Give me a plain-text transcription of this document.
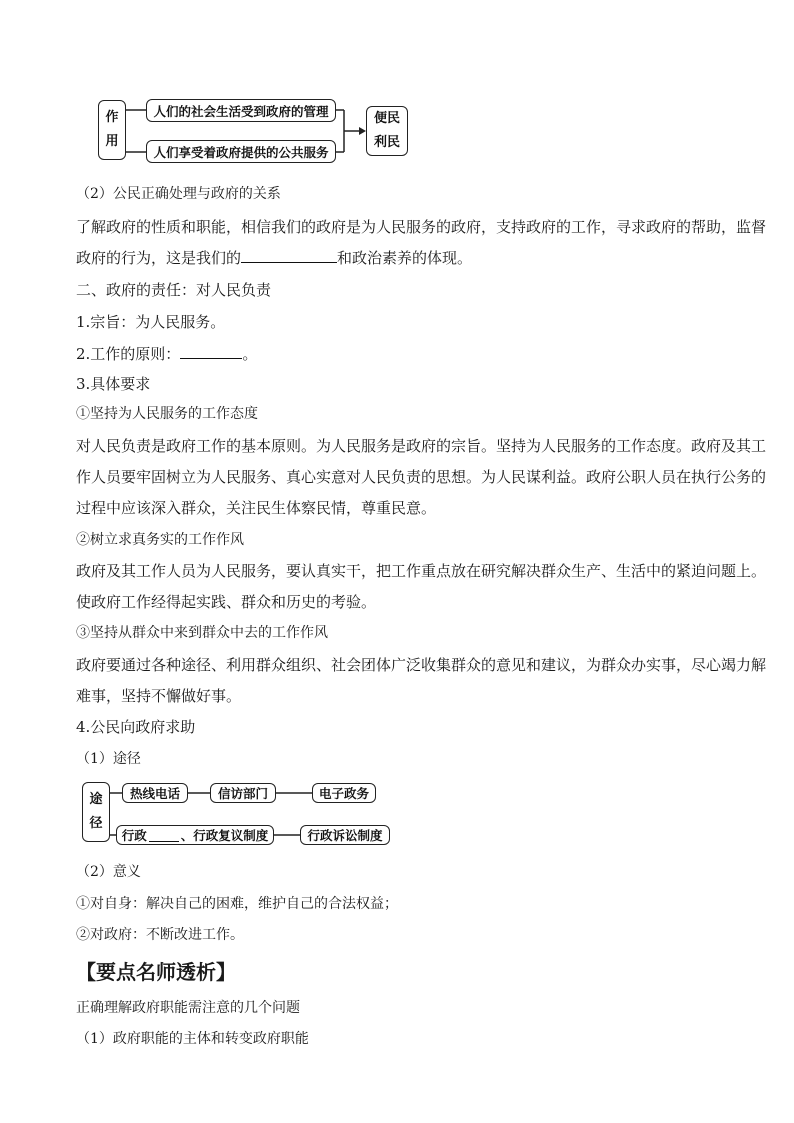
作
用
人们的社会生活受到政府的管理
人们享受着政府提供的公共服务
便民
利民
（2）公民正确处理与政府的关系
了解政府的性质和职能，相信我们的政府是为人民服务的政府，支持政府的工作，寻求政府的帮助，监督
政府的行为，这是我们的	和政治素养的体现。
二、政府的责任：对人民负责
1.宗旨：为人民服务。
2.工作的原则：	。
3.具体要求
①坚持为人民服务的工作态度
对人民负责是政府工作的基本原则。为人民服务是政府的宗旨。坚持为人民服务的工作态度。政府及其工
作人员要牢固树立为人民服务、真心实意对人民负责的思想。为人民谋利益。政府公职人员在执行公务的
过程中应该深入群众，关注民生体察民情，尊重民意。
②树立求真务实的工作作风
政府及其工作人员为人民服务，要认真实干，把工作重点放在研究解决群众生产、生活中的紧迫问题上。
使政府工作经得起实践、群众和历史的考验。
③坚持从群众中来到群众中去的工作作风
政府要通过各种途径、利用群众组织、社会团体广泛收集群众的意见和建议，为群众办实事，尽心竭力解
难事，坚持不懈做好事。
4.公民向政府求助
（1）途径
途
径
热线电话	信访部门	电子政务
行政	、行政复议制度	行政诉讼制度
（2）意义
①对自身：解决自己的困难，维护自己的合法权益；
②对政府：不断改进工作。
【要点名师透析】
正确理解政府职能需注意的几个问题
（1）政府职能的主体和转变政府职能
